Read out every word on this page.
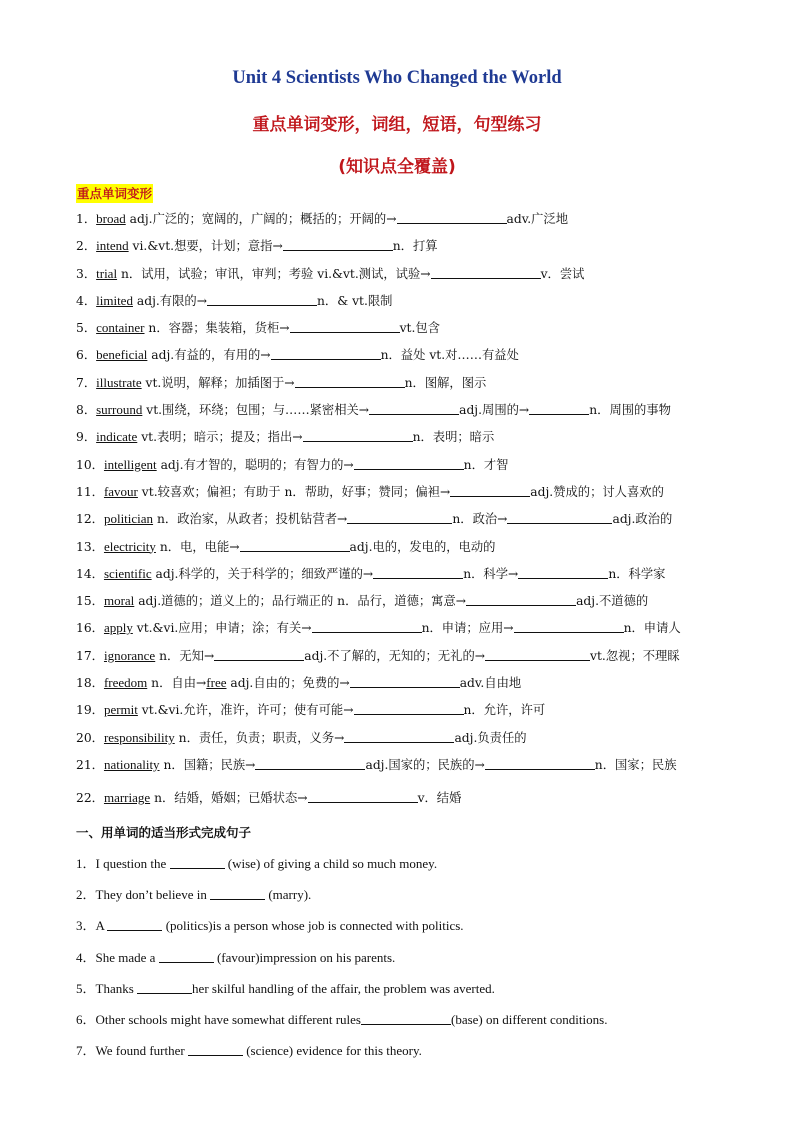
Unit 4 Scientists Who Changed the World
重点单词变形，词组，短语，句型练习
(知识点全覆盖)
重点单词变形
1．broad adj.广泛的；宽阔的，广阔的；概括的；开阔的→	adv.广泛地
2．intend vi.&vt.想要，计划；意指→	n．打算
3．trial n．试用，试验；审讯，审判；考验 vi.&vt.测试，试验→	v．尝试
4．limited adj.有限的→	n．& vt.限制
5．container n．容器；集装箱，货柜→	vt.包含
6．beneficial adj.有益的，有用的→	n．益处 vt.对……有益处
7．illustrate vt.说明，解释；加插图于→	n．图解，图示
8．surround vt.围绕，环绕；包围；与……紧密相关→	adj.周围的→	n．周围的事物
9．indicate vt.表明；暗示；提及；指出→	n．表明；暗示
10．intelligent adj.有才智的，聪明的；有智力的→	n．才智
11．favour vt.较喜欢；偏袒；有助于 n．帮助，好事；赞同；偏袒→	adj.赞成的；讨人喜欢的
12．politician n．政治家，从政者；投机钻营者→	n．政治→	adj.政治的
13．electricity n．电，电能→	adj.电的，发电的，电动的
14．scientific adj.科学的，关于科学的；细致严谨的→	n．科学→	n．科学家
15．moral adj.道德的；道义上的；品行端正的 n．品行，道德；寓意→	adj.不道德的
16．apply vt.&vi.应用；申请；涂；有关→	n．申请；应用→	n．申请人
17．ignorance n．无知→	adj.不了解的，无知的；无礼的→	vt.忽视；不理睬
18．freedom n．自由→free adj.自由的；免费的→	adv.自由地
19．permit vt.&vi.允许，准许，许可；使有可能→	n．允许，许可
20．responsibility n．责任，负责；职责，义务→	adj.负责任的
21．nationality n．国籍；民族→	adj.国家的；民族的→	n．国家；民族
22．marriage n．结婚，婚姻；已婚状态→	v．结婚
一、用单词的适当形式完成句子
1．I question the	(wise) of giving a child so much money.
2．They don’t believe in	(marry).
3．A	(politics)is a person whose job is connected with politics.
4．She made a	(favour)impression on his parents.
5．Thanks	her skilful handling of the affair, the problem was averted.
6．Other schools might have somewhat different rules	(base) on different conditions.
7．We found further	(science) evidence for this theory.
